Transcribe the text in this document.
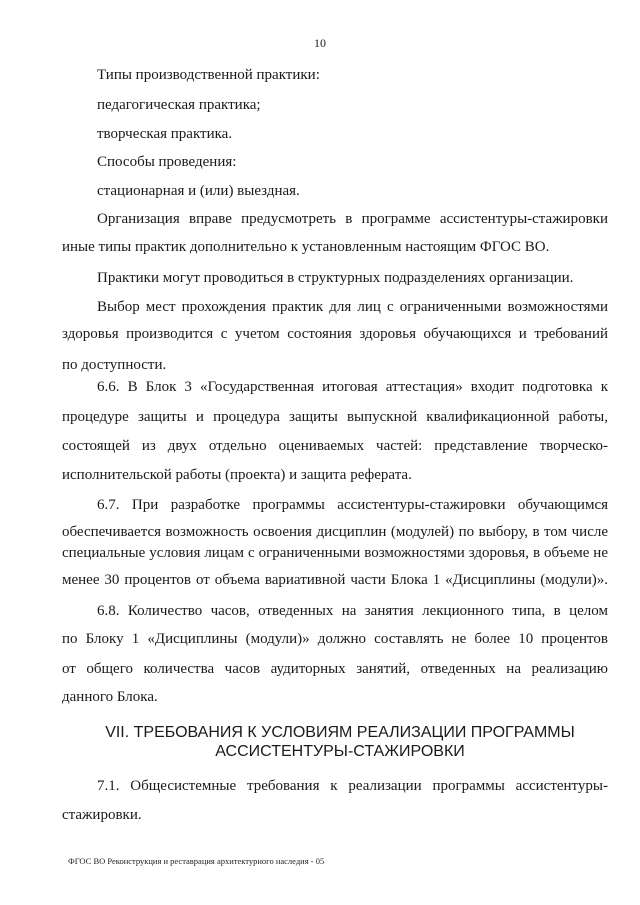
10
Типы производственной практики:
педагогическая практика;
творческая практика.
Способы проведения:
стационарная и (или) выездная.
Организация вправе предусмотреть в программе ассистентуры-стажировки
иные типы практик дополнительно к установленным настоящим ФГОС ВО.
Практики могут проводиться в структурных подразделениях организации.
Выбор мест прохождения практик для лиц с ограниченными возможностями
здоровья производится с учетом состояния здоровья обучающихся и требований
по доступности.
6.6. В Блок 3 «Государственная итоговая аттестация» входит подготовка к
процедуре защиты и процедура защиты выпускной квалификационной работы,
состоящей из двух отдельно оцениваемых частей: представление творческо-
исполнительской работы (проекта) и защита реферата.
6.7. При разработке программы ассистентуры-стажировки обучающимся
обеспечивается возможность освоения дисциплин (модулей) по выбору, в том числе
специальные условия лицам с ограниченными возможностями здоровья, в объеме не
менее 30 процентов от объема вариативной части Блока 1 «Дисциплины (модули)».
6.8. Количество часов, отведенных на занятия лекционного типа, в целом
по Блоку 1 «Дисциплины (модули)» должно составлять не более 10 процентов
от общего количества часов аудиторных занятий, отведенных на реализацию
данного Блока.
VII. ТРЕБОВАНИЯ К УСЛОВИЯМ РЕАЛИЗАЦИИ ПРОГРАММЫ
АССИСТЕНТУРЫ-СТАЖИРОВКИ
7.1. Общесистемные требования к реализации программы ассистентуры-
стажировки.
ФГОС ВО Реконструкция и реставрация архитектурного наследия - 05
